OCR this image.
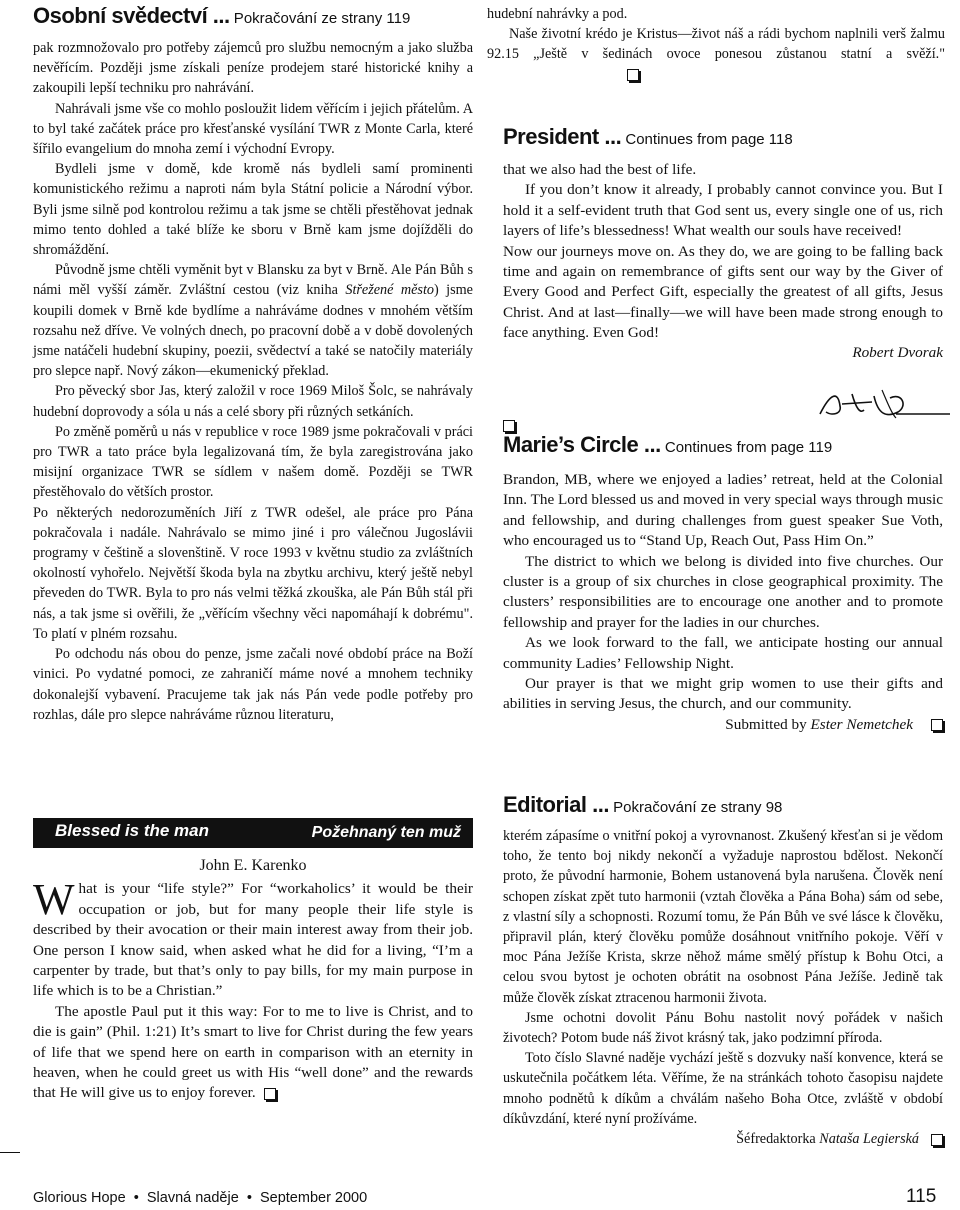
Osobní svědectví ... Pokračování ze strany 119

pak rozmnožovalo pro potřeby zájemců pro službu nemocným a jako služba nevěřícím. Později jsme získali peníze prodejem staré historické knihy a zakoupili lepší techniku pro nahrávání.

Nahrávali jsme vše co mohlo posloužit lidem věřícím i jejich přátelům. A to byl také začátek práce pro křesťanské vysílání TWR z Monte Carla, které šířilo evangelium do mnoha zemí i východní Evropy.

Bydleli jsme v domě, kde kromě nás bydleli samí prominenti komunistického režimu a naproti nám byla Státní policie a Národní výbor. Byli jsme silně pod kontrolou režimu a tak jsme se chtěli přestěhovat jednak mimo tento dohled a také blíže ke sboru v Brně kam jsme dojížděli do shromáždění.

Původně jsme chtěli vyměnit byt v Blansku za byt v Brně. Ale Pán Bůh s námi měl vyšší záměr. Zvláštní cestou (viz kniha Střežené město) jsme koupili domek v Brně kde bydlíme a nahráváme dodnes v mnohém větším rozsahu než dříve. Ve volných dnech, po pracovní době a v době dovolených jsme natáčeli hudební skupiny, poezii, svědectví a také se natočily materiály pro slepce např. Nový zákon—ekumenický překlad.

Pro pěvecký sbor Jas, který založil v roce 1969 Miloš Šolc, se nahrávaly hudební doprovody a sóla u nás a celé sbory při různých setkáních.

Po změně poměrů u nás v republice v roce 1989 jsme pokračovali v práci pro TWR a tato práce byla legalizovaná tím, že byla zaregistrována jako misijní organizace TWR se sídlem v našem domě. Později se TWR přestěhovalo do větších prostor.

Po některých nedorozuměních Jiří z TWR odešel, ale práce pro Pána pokračovala i nadále. Nahrávalo se mimo jiné i pro válečnou Jugoslávii programy v češtině a slovenštině. V roce 1993 v květnu studio za zvláštních okolností vyhořelo. Největší škoda byla na zbytku archivu, který ještě nebyl převeden do TWR. Byla to pro nás velmi těžká zkouška, ale Pán Bůh stál při nás, a tak jsme si ověřili, že „věřícím všechny věci napomáhají k dobrému". To platí v plném rozsahu.

Po odchodu nás obou do penze, jsme začali nové období práce na Boží vinici. Po vydatné pomoci, ze zahraničí máme nové a mnohem techniky dokonalejší vybavení. Pracujeme tak jak nás Pán vede podle potřeby pro rozhlas, dále pro slepce nahráváme různou literaturu,

Blessed is the man	Požehnaný ten muž

John E. Karenko

What is your “life style?” For “workaholics’ it would be their occupation or job, but for many people their life style is described by their avocation or their main interest away from their job. One person I know said, when asked what he did for a living, “I’m a carpenter by trade, but that’s only to pay bills, for my main purpose in life which is to be a Christian.”

The apostle Paul put it this way: For to me to live is Christ, and to die is gain” (Phil. 1:21) It’s smart to live for Christ during the few years of life that we spend here on earth in comparison with an eternity in heaven, when he could greet us with His “well done” and the rewards that He will give us to enjoy forever.

hudební nahrávky a pod.

Naše životní krédo je Kristus—život náš a rádi bychom naplnili verš žalmu 92.15 „Ještě v šedinách ovoce ponesou zůstanou statní a svěží."

President ... Continues from page 118

that we also had the best of life.

If you don’t know it already, I probably cannot convince you. But I hold it a self-evident truth that God sent us, every single one of us, rich layers of life’s blessedness! What wealth our souls have received!

Now our journeys move on. As they do, we are going to be falling back time and again on remembrance of gifts sent our way by the Giver of Every Good and Perfect Gift, especially the greatest of all gifts, Jesus Christ. And at last—finally—we will have been made strong enough to face anything. Even God!

Robert Dvorak

Marie’s Circle ... Continues from page 119

Brandon, MB, where we enjoyed a ladies’ retreat, held at the Colonial Inn. The Lord blessed us and moved in very special ways through music and fellowship, and during challenges from guest speaker Sue Voth, who encouraged us to “Stand Up, Reach Out, Pass Him On.”

The district to which we belong is divided into five churches. Our cluster is a group of six churches in close geographical proximity. The clusters’ responsibilities are to encourage one another and to promote fellowship and prayer for the ladies in our churches.

As we look forward to the fall, we anticipate hosting our annual community Ladies’ Fellowship Night.

Our prayer is that we might grip women to use their gifts and abilities in serving Jesus, the church, and our community.

Submitted by Ester Nemetchek

Editorial ... Pokračování ze strany 98

kterém zápasíme o vnitřní pokoj a vyrovnanost. Zkušený křesťan si je vědom toho, že tento boj nikdy nekončí a vyžaduje naprostou bdělost. Nekončí proto, že původní harmonie, Bohem ustanovená byla narušena. Člověk není schopen získat zpět tuto harmonii (vztah člověka a Pána Boha) sám od sebe, z vlastní síly a schopnosti. Rozumí tomu, že Pán Bůh ve své lásce k člověku, připravil plán, který člověku pomůže dosáhnout vnitřního pokoje. Věří v moc Pána Ježíše Krista, skrze něhož máme smělý přístup k Bohu Otci, a celou svou bytost je ochoten obrátit na osobnost Pána Ježíše. Jedině tak může člověk získat ztracenou harmonii života.

Jsme ochotni dovolit Pánu Bohu nastolit nový pořádek v našich životech? Potom bude náš život krásný tak, jako podzimní příroda.

Toto číslo Slavné naděje vychází ještě s dozvuky naší konvence, která se uskutečnila počátkem léta. Věříme, že na stránkách tohoto časopisu najdete mnoho podnětů k díkům a chválám našeho Boha Otce, zvláště v období díkůvzdání, které nyní prožíváme.

Šéfredaktorka Nataša Legierská

Glorious Hope  •  Slavná naděje  •  September 2000	115
